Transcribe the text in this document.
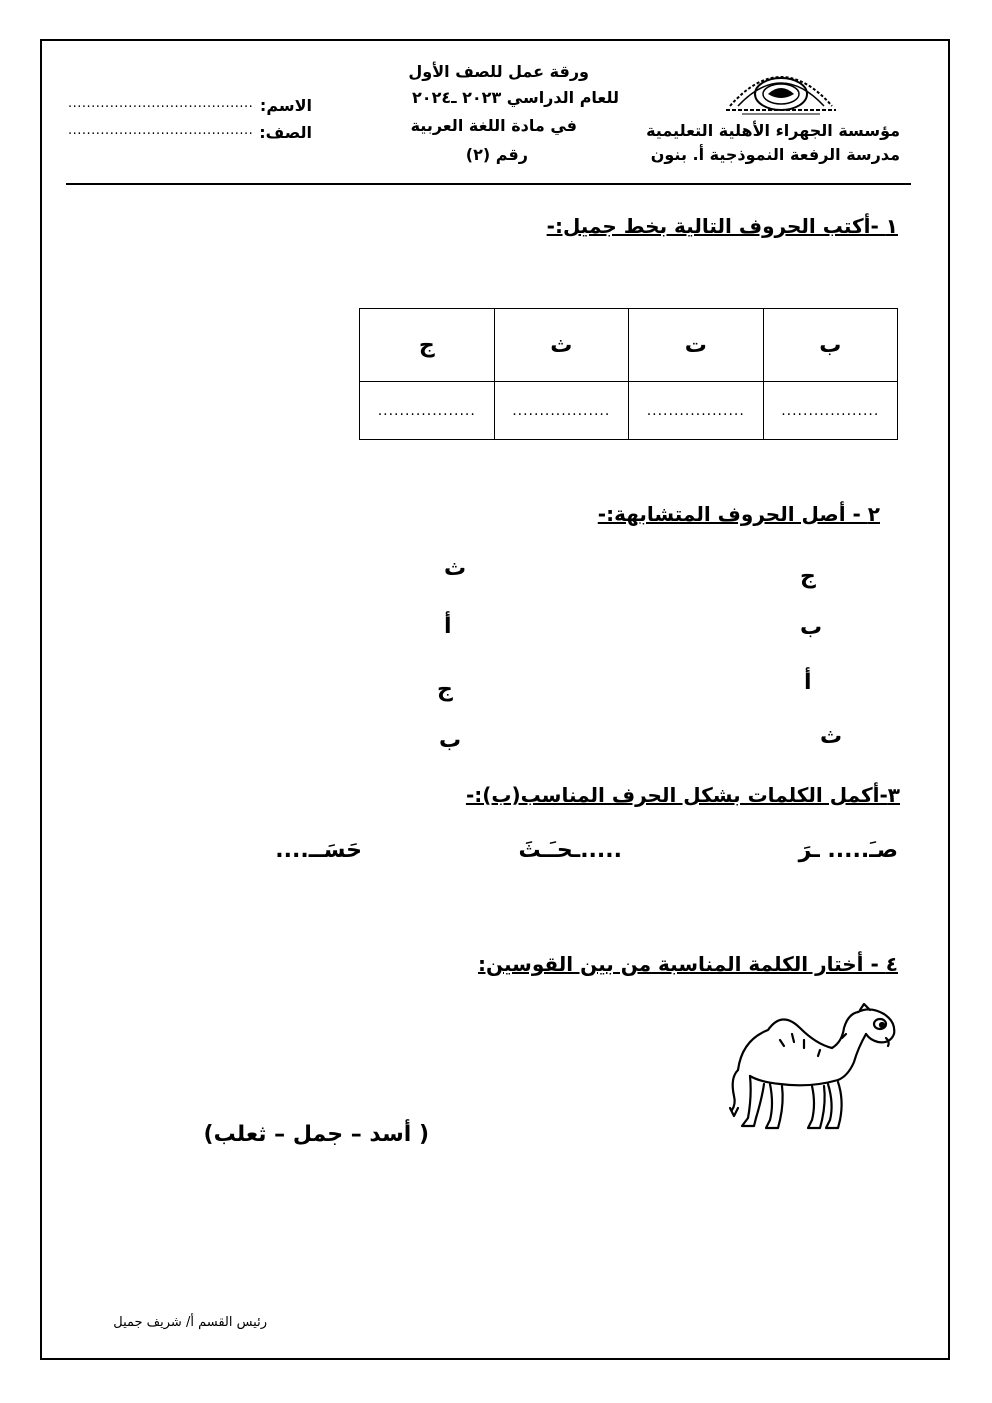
مؤسسة الجهراء الأهلية التعليمية
مدرسة الرفعة النموذجية أ. بنون
ورقة عمل للصف الأول
للعام الدراسي ٢٠٢٣ ـ٢٠٢٤
في مادة اللغة العربية
رقم (٢)
الاسم:
........................................
الصف:
........................................
١ -أكتب الحروف التالية بخط جميل:-
ب	ت	ث	ج
..................	..................	..................	..................
٢ - أصل الحروف المتشابهة:-
ج
ب
أ
ث
ث
أ
ج
ب
٣-أكمل الكلمات بشكل الحرف المناسب(ب):-
صـَ..... ـرَ
.....ـحـَـثَ
حَسَــ....
٤ - أختار الكلمة المناسبة من بين القوسين:
( أسد – جمل – ثعلب)
رئيس القسم أ/ شريف جميل
